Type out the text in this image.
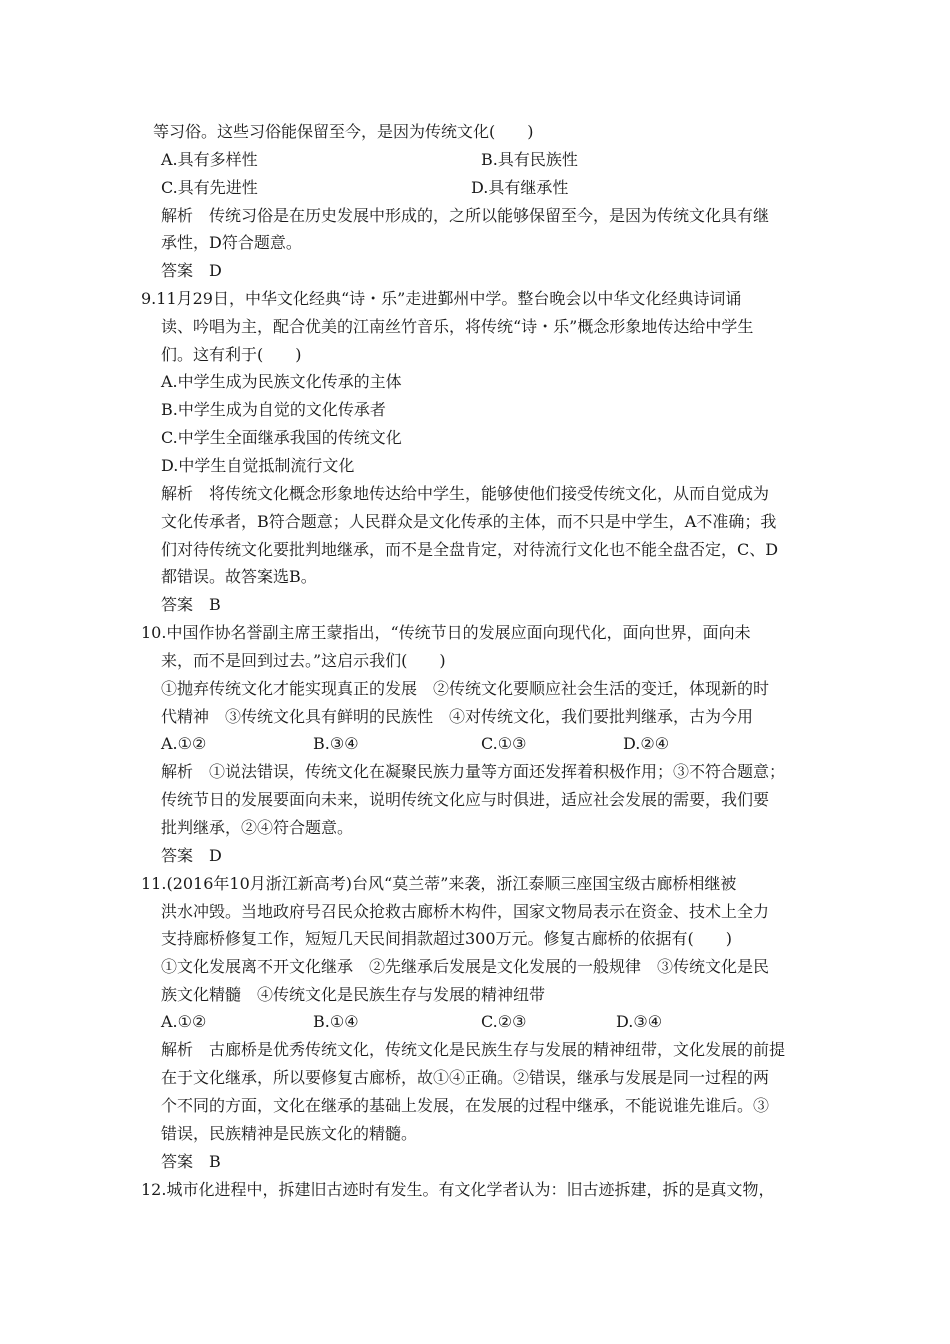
等习俗。这些习俗能保留至今，是因为传统文化(　　)
A.具有多样性	B.具有民族性
C.具有先进性	D.具有继承性
解析　传统习俗是在历史发展中形成的，之所以能够保留至今，是因为传统文化具有继
承性，D符合题意。
答案　D
9.11月29日，中华文化经典“诗・乐”走进鄞州中学。整台晚会以中华文化经典诗词诵
读、吟唱为主，配合优美的江南丝竹音乐，将传统“诗・乐”概念形象地传达给中学生
们。这有利于(　　)
A.中学生成为民族文化传承的主体
B.中学生成为自觉的文化传承者
C.中学生全面继承我国的传统文化
D.中学生自觉抵制流行文化
解析　将传统文化概念形象地传达给中学生，能够使他们接受传统文化，从而自觉成为
文化传承者，B符合题意；人民群众是文化传承的主体，而不只是中学生，A不准确；我
们对待传统文化要批判地继承，而不是全盘肯定，对待流行文化也不能全盘否定，C、D
都错误。故答案选B。
答案　B
10.中国作协名誉副主席王蒙指出，“传统节日的发展应面向现代化，面向世界，面向未
来，而不是回到过去。”这启示我们(　　)
①抛弃传统文化才能实现真正的发展　②传统文化要顺应社会生活的变迁，体现新的时
代精神　③传统文化具有鲜明的民族性　④对传统文化，我们要批判继承，古为今用
A.①②	B.③④	C.①③	D.②④
解析　①说法错误，传统文化在凝聚民族力量等方面还发挥着积极作用；③不符合题意；
传统节日的发展要面向未来，说明传统文化应与时俱进，适应社会发展的需要，我们要
批判继承，②④符合题意。
答案　D
11.(2016年10月浙江新高考)台风“莫兰蒂”来袭，浙江泰顺三座国宝级古廊桥相继被
洪水冲毁。当地政府号召民众抢救古廊桥木构件，国家文物局表示在资金、技术上全力
支持廊桥修复工作，短短几天民间捐款超过300万元。修复古廊桥的依据有(　　)
①文化发展离不开文化继承　②先继承后发展是文化发展的一般规律　③传统文化是民
族文化精髓　④传统文化是民族生存与发展的精神纽带
A.①②	B.①④	C.②③	D.③④
解析　古廊桥是优秀传统文化，传统文化是民族生存与发展的精神纽带，文化发展的前提
在于文化继承，所以要修复古廊桥，故①④正确。②错误，继承与发展是同一过程的两
个不同的方面，文化在继承的基础上发展，在发展的过程中继承，不能说谁先谁后。③
错误，民族精神是民族文化的精髓。
答案　B
12.城市化进程中，拆建旧古迹时有发生。有文化学者认为：旧古迹拆建，拆的是真文物，
